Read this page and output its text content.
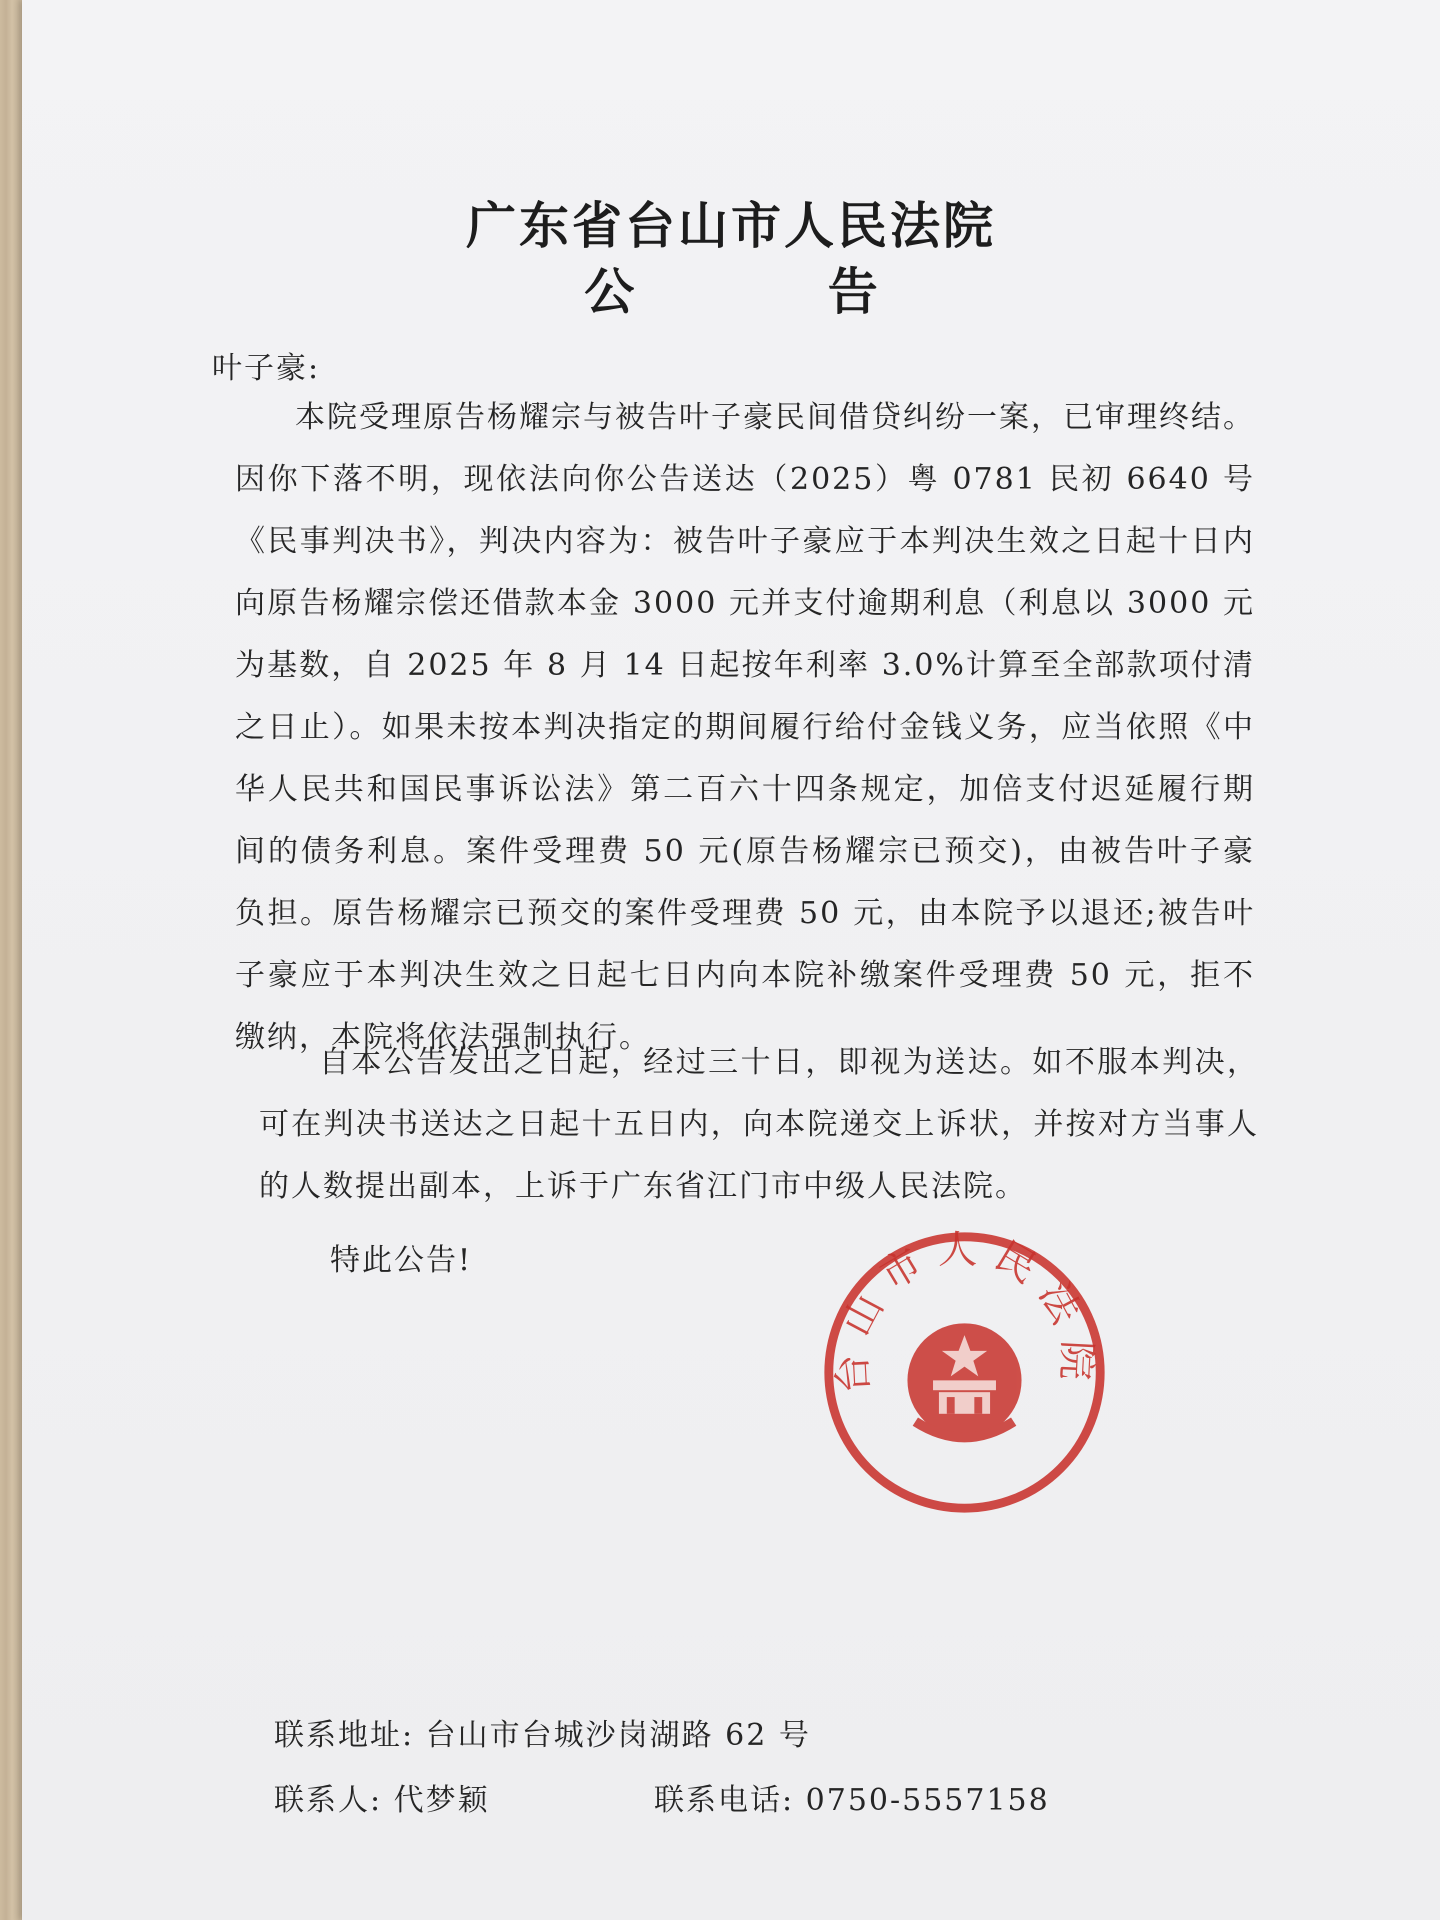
广东省台山市人民法院
公 告

叶子豪:

本院受理原告杨耀宗与被告叶子豪民间借贷纠纷一案，已审理终结。因你下落不明，现依法向你公告送达（2025）粤 0781 民初 6640 号《民事判决书》，判决内容为：被告叶子豪应于本判决生效之日起十日内向原告杨耀宗偿还借款本金 3000 元并支付逾期利息（利息以 3000 元为基数，自 2025 年 8 月 14 日起按年利率 3.0%计算至全部款项付清之日止）。如果未按本判决指定的期间履行给付金钱义务，应当依照《中华人民共和国民事诉讼法》第二百六十四条规定，加倍支付迟延履行期间的债务利息。案件受理费 50 元(原告杨耀宗已预交)，由被告叶子豪负担。原告杨耀宗已预交的案件受理费 50 元，由本院予以退还;被告叶子豪应于本判决生效之日起七日内向本院补缴案件受理费 50 元，拒不缴纳，本院将依法强制执行。

自本公告发出之日起，经过三十日，即视为送达。如不服本判决，可在判决书送达之日起十五日内，向本院递交上诉状，并按对方当事人的人数提出副本，上诉于广东省江门市中级人民法院。

特此公告!

台山市人民法院

联系地址: 台山市台城沙岗湖路 62 号

联系人: 代梦颖	联系电话: 0750-5557158
